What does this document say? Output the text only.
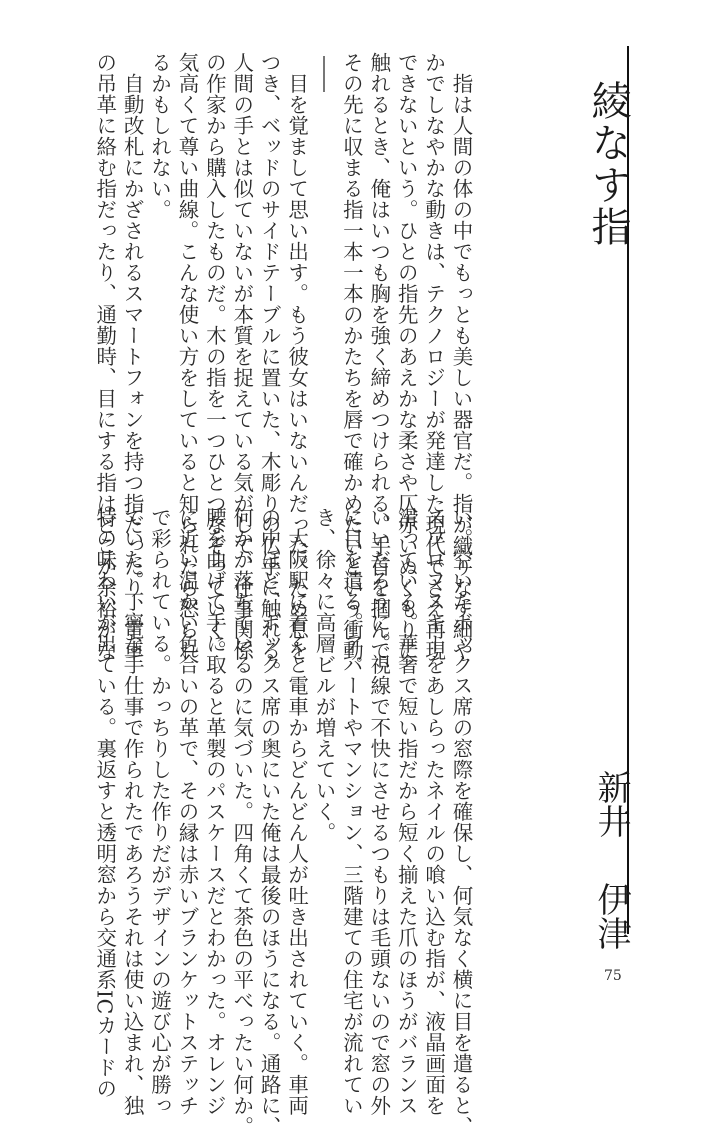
綾なす指
新井伊津
　指は人間の体の中でもっとも美しい器官だ。指が織りなす細や
かでしなやかな動きは、テクノロジーが発達した現代でさえ再現
できないという。ひとの指先のあえかな柔さや仄赤いぬくもりに
触れるとき、俺はいつも胸を強く締めつけられる。手首を掴んで、
その先に収まる指一本一本のかたちを唇で確かめたいという衝動

　目を覚まして思い出す。もう彼女はいないんだった。ため息を
つき、ベッドのサイドテーブルに置いた、木彫りの仏手に触れる。
人間の手とは似ていないが本質を捉えている気がして、仕事関係
の作家から購入したものだ。木の指を一つひとつなぞっていく。
気高くて尊い曲線。こんな使い方をしていると知られたら怒られ
るかもしれない。
　自動改札にかざされるスマートフォンを持つ指だったり、電車
の吊革に絡む指だったり、通勤時、目にする指はどこか余裕がな
い。空いたボックス席の窓際を確保し、何気なく横に目を遣ると、
スワロフスキーをあしらったネイルの喰い込む指が、液晶画面を
滑っている。華奢で短い指だから短く揃えた爪のほうがバランス
いいだろうに。視線で不快にさせるつもりは毛頭ないので窓の外
に目を遣る。アパートやマンション、三階建ての住宅が流れてい
き、徐々に高層ビルが増えていく。
　大阪駅に着くと電車からどんどん人が吐き出されていく。車両
の中ほど、ボックス席の奥にいた俺は最後のほうになる。通路に、
何かが落ちているのに気づいた。四角くて茶色の平べったい何か。
腰を曲げて手に取ると革製のパスケースだとわかった。オレンジ
に近い温かい色合いの革で、その縁は赤いブランケットステッチ
で彩られている。かっちりした作りだがデザインの遊び心が勝っ
ていた。丁寧な手仕事で作られたであろうそれは使い込まれ、独
特の味わいが出ている。裏返すと透明窓から交通系ICカードの	75
